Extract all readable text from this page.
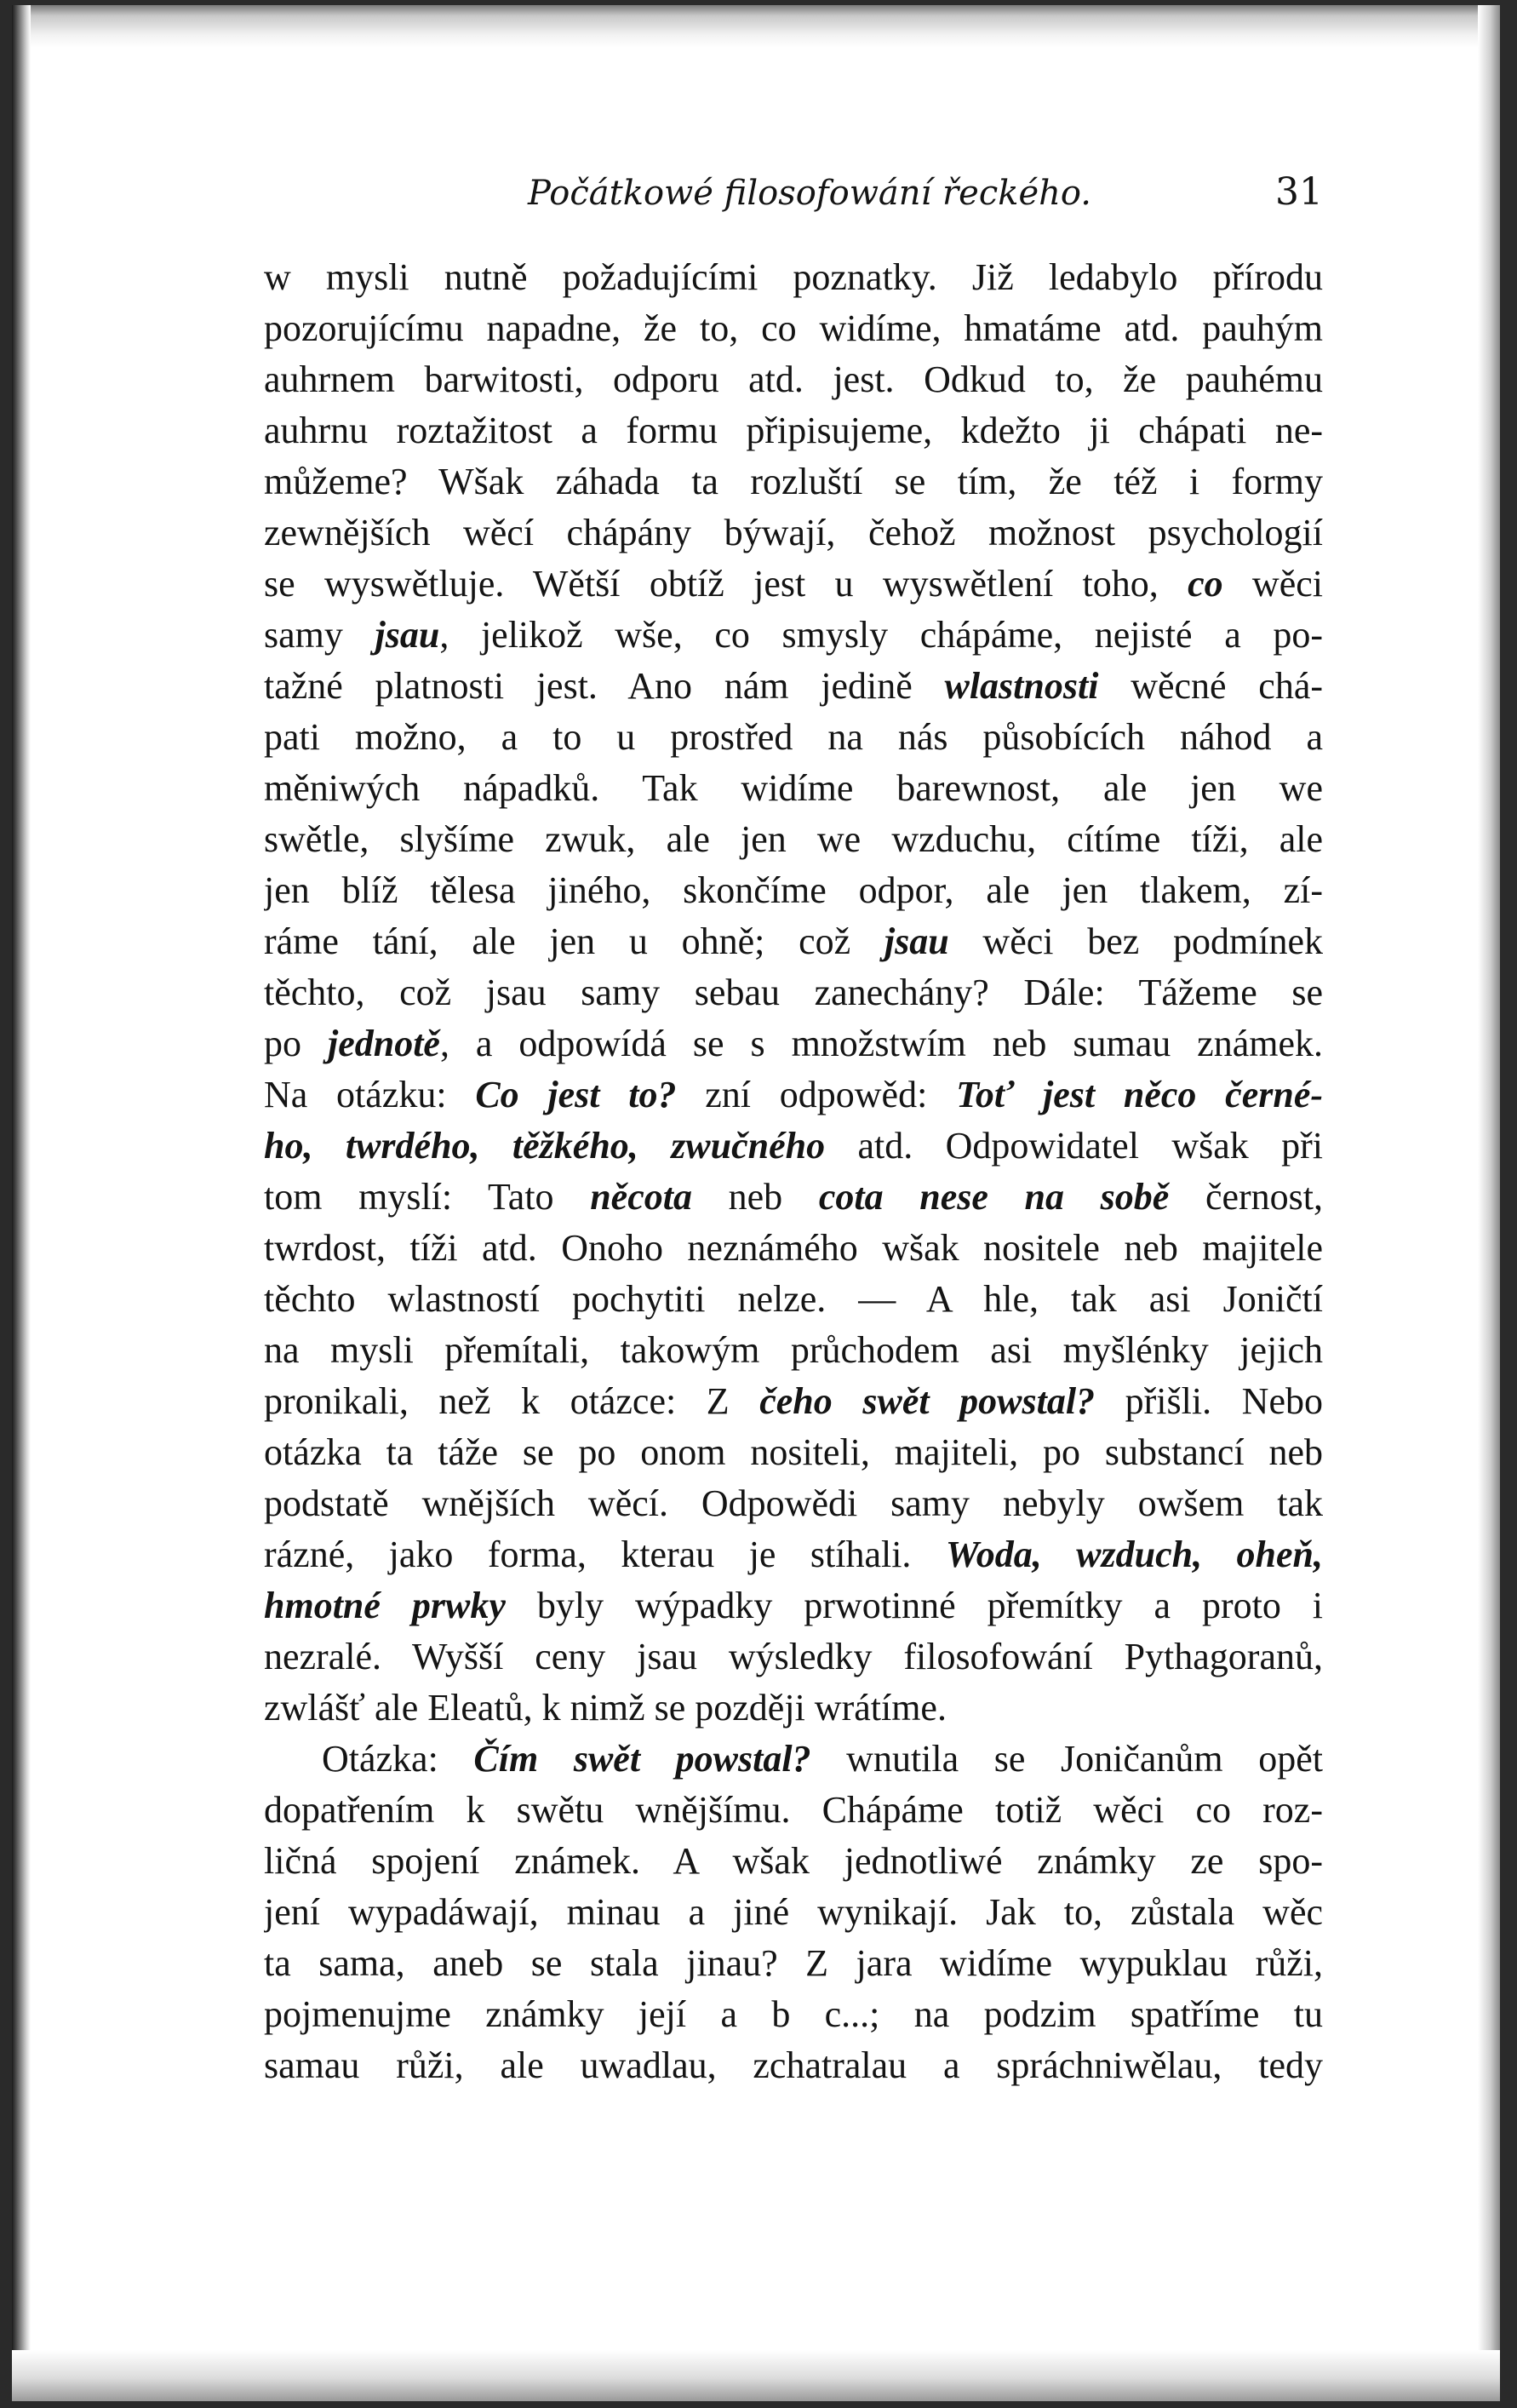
Počátkowé filosofowání řeckého.	31
w mysli nutně požadujícími poznatky. Již ledabylo přírodu
pozorujícímu napadne, že to, co widíme, hmatáme atd. pauhým
auhrnem barwitosti, odporu atd. jest. Odkud to, že pauhému
auhrnu roztažitost a formu připisujeme, kdežto ji chápati ne-
můžeme? Wšak záhada ta rozluští se tím, že též i formy
zewnějších wěcí chápány býwají, čehož možnost psychologií
se wyswětluje. Wětší obtíž jest u wyswětlení toho, co wěci
samy jsau, jelikož wše, co smysly chápáme, nejisté a po-
tažné platnosti jest. Ano nám jedině wlastnosti wěcné chá-
pati možno, a to u prostřed na nás působících náhod a
měniwých nápadků. Tak widíme barewnost, ale jen we
swětle, slyšíme zwuk, ale jen we wzduchu, cítíme tíži, ale
jen blíž tělesa jiného, skončíme odpor, ale jen tlakem, zí-
ráme tání, ale jen u ohně; což jsau wěci bez podmínek
těchto, což jsau samy sebau zanechány? Dále: Tážeme se
po jednotě, a odpowídá se s množstwím neb sumau známek.
Na otázku: Co jest to? zní odpowěd: Toť jest něco černé-
ho, twrdého, těžkého, zwučného atd. Odpowidatel wšak při
tom myslí: Tato něcota neb cota nese na sobě černost,
twrdost, tíži atd. Onoho neznámého wšak nositele neb majitele
těchto wlastností pochytiti nelze. — A hle, tak asi Joničtí
na mysli přemítali, takowým průchodem asi myšlénky jejich
pronikali, než k otázce: Z čeho swět powstal? přišli. Nebo
otázka ta táže se po onom nositeli, majiteli, po substancí neb
podstatě wnějších wěcí. Odpowědi samy nebyly owšem tak
rázné, jako forma, kterau je stíhali. Woda, wzduch, oheň,
hmotné prwky byly wýpadky prwotinné přemítky a proto i
nezralé. Wyšší ceny jsau wýsledky filosofowání Pythagoranů,
zwlášť ale Eleatů, k nimž se později wrátíme.
Otázka: Čím swět powstal? wnutila se Joničanům opět
dopatřením k swětu wnějšímu. Chápáme totiž wěci co roz-
ličná spojení známek. A wšak jednotliwé známky ze spo-
jení wypadáwají, minau a jiné wynikají. Jak to, zůstala wěc
ta sama, aneb se stala jinau? Z jara widíme wypuklau růži,
pojmenujme známky její a b c...; na podzim spatříme tu
samau růži, ale uwadlau, zchatralau a spráchniwělau, tedy
